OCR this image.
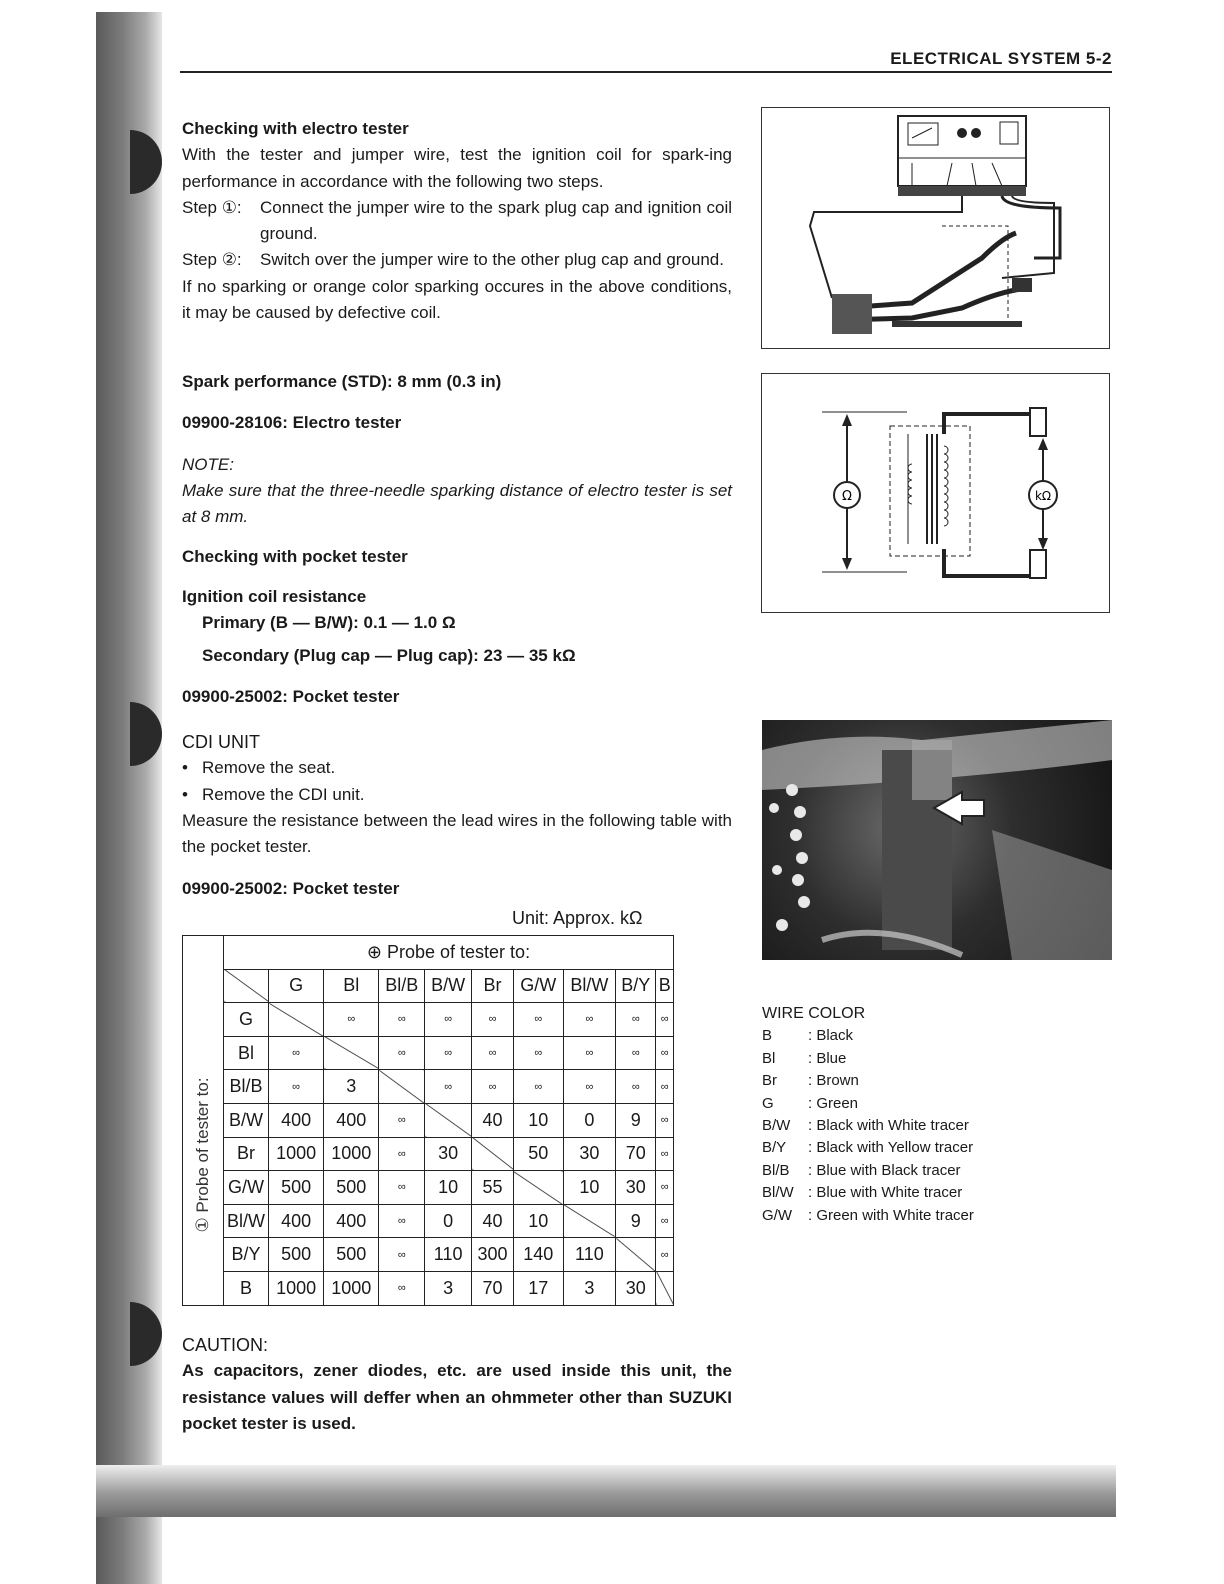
ELECTRICAL SYSTEM 5-2
Checking with electro tester
With the tester and jumper wire, test the ignition coil for spark-ing performance in accordance with the following two steps.
Step ①:	Connect the jumper wire to the spark plug cap and ignition coil ground.
Step ②:	Switch over the jumper wire to the other plug cap and ground.
If no sparking or orange color sparking occures in the above conditions, it may be caused by defective coil.
Spark performance (STD): 8 mm (0.3 in)
09900-28106: Electro tester
NOTE:
Make sure that the three-needle sparking distance of electro tester is set at 8 mm.
Checking with pocket tester
Ignition coil resistance
Primary (B — B/W): 0.1 — 1.0 Ω
Secondary (Plug cap — Plug cap): 23 — 35 kΩ
09900-25002: Pocket tester
CDI UNIT
• Remove the seat.
• Remove the CDI unit.
Measure the resistance between the lead wires in the following table with the pocket tester.
09900-25002: Pocket tester
Unit: Approx. kΩ
① Probe of tester to:
	⊕ Probe of tester to:									
		G	Bl	Bl/B	B/W	Br	G/W	Bl/W	B/Y	B
	G		∞	∞	∞	∞	∞	∞	∞	∞
	Bl	∞		∞	∞	∞	∞	∞	∞	∞
	Bl/B	∞	3		∞	∞	∞	∞	∞	∞
	B/W	400	400	∞		40	10	0	9	∞
	Br	1000	1000	∞	30		50	30	70	∞
	G/W	500	500	∞	10	55		10	30	∞
	Bl/W	400	400	∞	0	40	10		9	∞
	B/Y	500	500	∞	110	300	140	110		∞
	B	1000	1000	∞	3	70	17	3	30	
CAUTION:
As capacitors, zener diodes, etc. are used inside this unit, the resistance values will deffer when an ohmmeter other than SUZUKI pocket tester is used.
Ω	kΩ
WIRE COLOR
B	: Black
Bl	: Blue
Br	: Brown
G	: Green
B/W	: Black with White tracer
B/Y	: Black with Yellow tracer
Bl/B	: Blue with Black tracer
Bl/W : Blue with White tracer
G/W	: Green with White tracer
